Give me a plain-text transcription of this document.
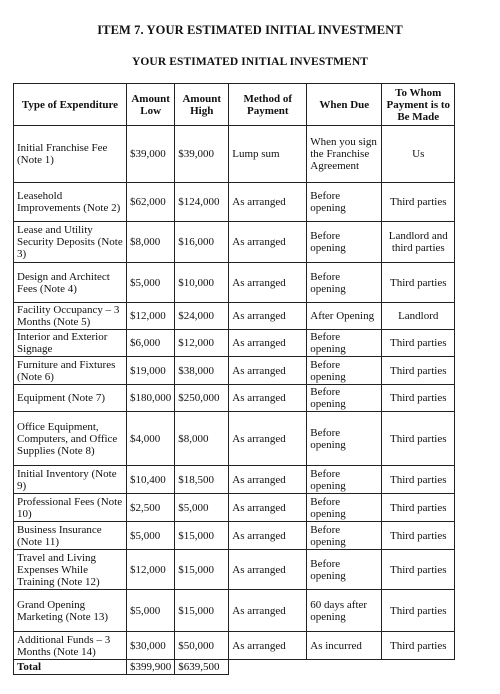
ITEM 7. YOUR ESTIMATED INITIAL INVESTMENT
YOUR ESTIMATED INITIAL INVESTMENT
Type of Expenditure	Amount Low	Amount High	Method of Payment	When Due	To Whom Payment is to Be Made
Initial Franchise Fee (Note 1)	$39,000	$39,000	Lump sum	When you sign the Franchise Agreement	Us
Leasehold Improvements (Note 2)	$62,000	$124,000	As arranged	Before opening	Third parties
Lease and Utility Security Deposits (Note 3)	$8,000	$16,000	As arranged	Before opening	Landlord and third parties
Design and Architect Fees (Note 4)	$5,000	$10,000	As arranged	Before opening	Third parties
Facility Occupancy – 3 Months (Note 5)	$12,000	$24,000	As arranged	After Opening	Landlord
Interior and Exterior Signage	$6,000	$12,000	As arranged	Before opening	Third parties
Furniture and Fixtures (Note 6)	$19,000	$38,000	As arranged	Before opening	Third parties
Equipment (Note 7)	$180,000	$250,000	As arranged	Before opening	Third parties
Office Equipment, Computers, and Office Supplies (Note 8)	$4,000	$8,000	As arranged	Before opening	Third parties
Initial Inventory (Note 9)	$10,400	$18,500	As arranged	Before opening	Third parties
Professional Fees (Note 10)	$2,500	$5,000	As arranged	Before opening	Third parties
Business Insurance (Note 11)	$5,000	$15,000	As arranged	Before opening	Third parties
Travel and Living Expenses While Training (Note 12)	$12,000	$15,000	As arranged	Before opening	Third parties
Grand Opening Marketing (Note 13)	$5,000	$15,000	As arranged	60 days after opening	Third parties
Additional Funds – 3 Months (Note 14)	$30,000	$50,000	As arranged	As incurred	Third parties
Total	$399,900	$639,500			
